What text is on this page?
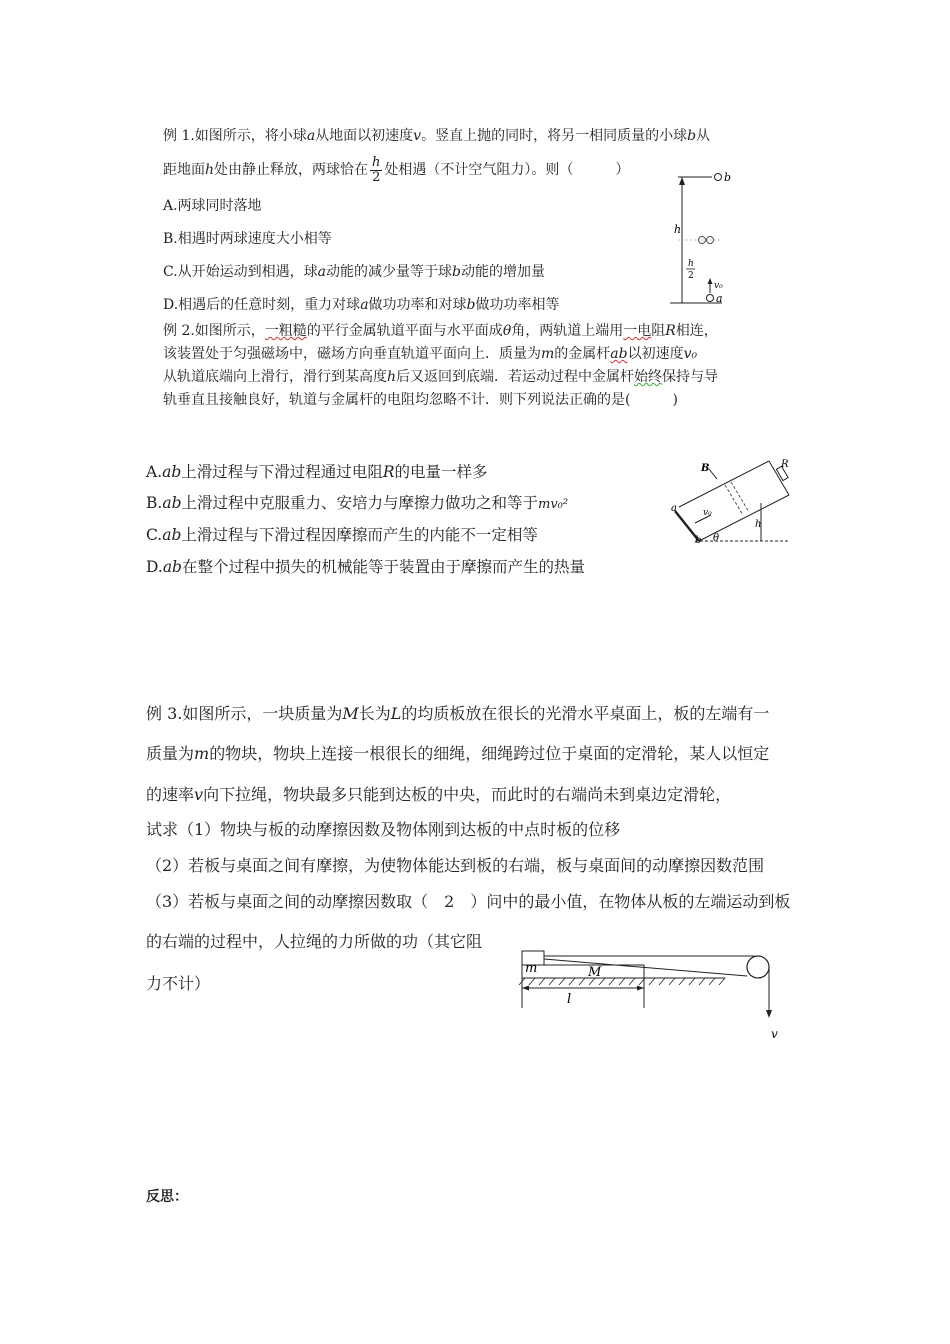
例 1.如图所示，将小球a从地面以初速度v。竖直上抛的同时，将另一相同质量的小球b从
距地面h处由静止释放，两球恰在 $\frac{h}{2}$ 处相遇（不计空气阻力）。则（　　　）
A.两球同时落地
B.相遇时两球速度大小相等
C.从开始运动到相遇，球a动能的减少量等于球b动能的增加量
D.相遇后的任意时刻，重力对球a做功功率和对球b做功功率相等
b
h
h
2
v₀
a
例 2.如图所示，一粗糙的平行金属轨道平面与水平面成θ角，两轨道上端用一电阻R相连，
该装置处于匀强磁场中，磁场方向垂直轨道平面向上．质量为m的金属杆ab以初速度v₀
从轨道底端向上滑行，滑行到某高度h后又返回到底端．若运动过程中金属杆始终保持与导
轨垂直且接触良好，轨道与金属杆的电阻均忽略不计．则下列说法正确的是(　　　)
A.ab上滑过程与下滑过程通过电阻R的电量一样多
B.ab上滑过程中克服重力、安培力与摩擦力做功之和等于mv₀²
C.ab上滑过程与下滑过程因摩擦而产生的内能不一定相等
D.ab在整个过程中损失的机械能等于装置由于摩擦而产生的热量
R
B
a
b
v₀
θ
h
例 3.如图所示，一块质量为M长为L的均质板放在很长的光滑水平桌面上，板的左端有一
质量为m的物块，物块上连接一根很长的细绳，细绳跨过位于桌面的定滑轮，某人以恒定
的速率v向下拉绳，物块最多只能到达板的中央，而此时的右端尚未到桌边定滑轮，
试求（1）物块与板的动摩擦因数及物体刚到达板的中点时板的位移
（2）若板与桌面之间有摩擦，为使物体能达到板的右端，板与桌面间的动摩擦因数范围
（3）若板与桌面之间的动摩擦因数取（　2　）问中的最小值，在物体从板的左端运动到板
的右端的过程中，人拉绳的力所做的功（其它阻
力不计）
m	M
v
l
反思：
